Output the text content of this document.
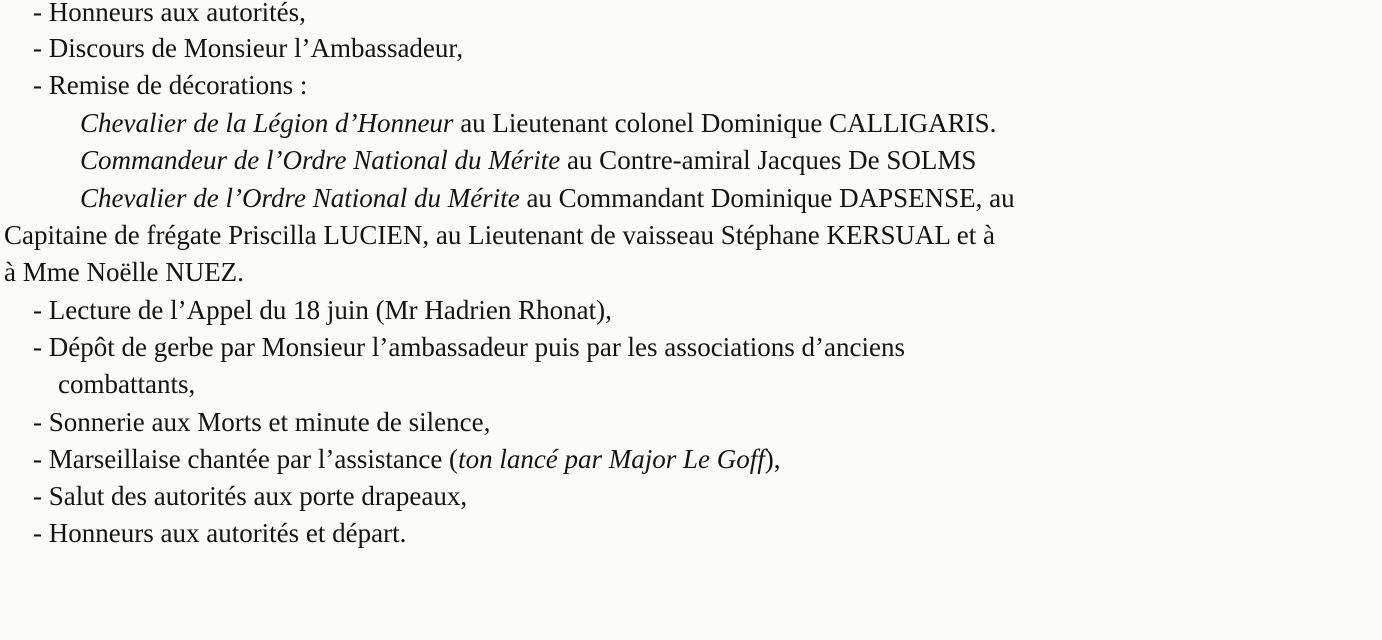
- Honneurs aux autorités,
- Discours de Monsieur l’Ambassadeur,
- Remise de décorations :
Chevalier de la Légion d’Honneur au Lieutenant colonel Dominique CALLIGARIS.
Commandeur de l’Ordre National du Mérite au Contre-amiral Jacques De SOLMS
Chevalier de l’Ordre National du Mérite au Commandant Dominique DAPSENSE, au
Capitaine de frégate Priscilla LUCIEN, au Lieutenant de vaisseau Stéphane KERSUAL et à
à Mme Noëlle NUEZ.
- Lecture de l’Appel du 18 juin (Mr Hadrien Rhonat),
- Dépôt de gerbe par Monsieur l’ambassadeur puis par les associations d’anciens
combattants,
- Sonnerie aux Morts et minute de silence,
- Marseillaise chantée par l’assistance (ton lancé par Major Le Goff),
- Salut des autorités aux porte drapeaux,
- Honneurs aux autorités et départ.
